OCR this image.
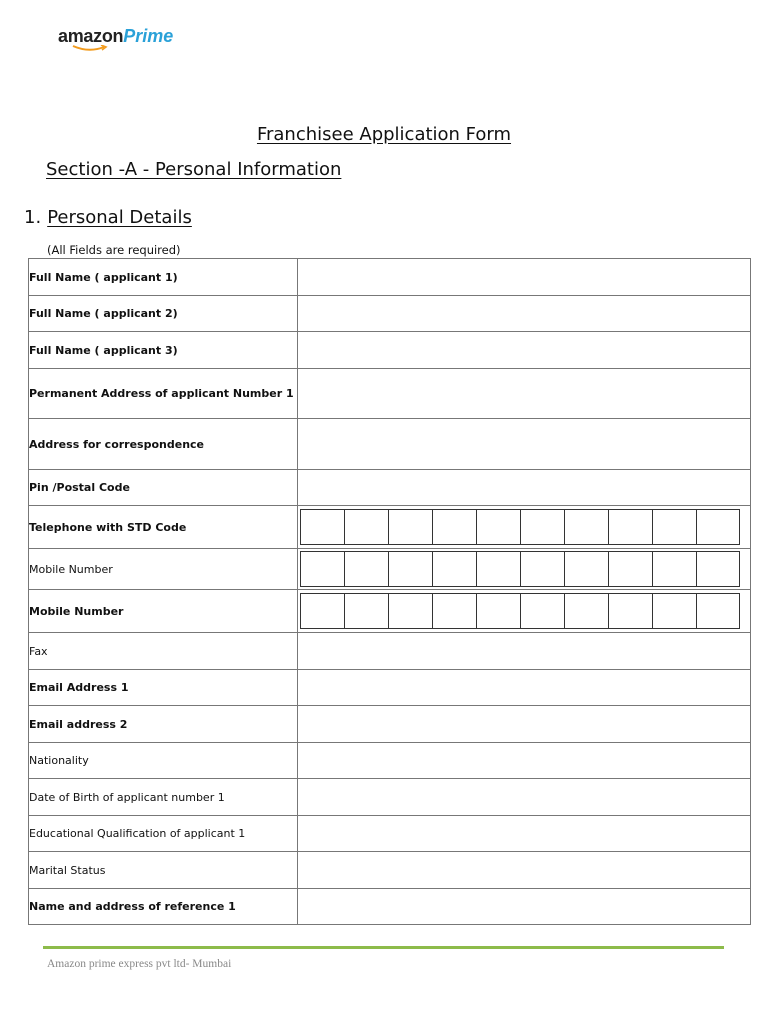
amazonPrime
Franchisee Application Form
Section -A - Personal Information
1. Personal Details
(All Fields are required)
Full Name ( applicant 1)	
Full Name ( applicant 2)	
Full Name ( applicant 3)	
Permanent Address of applicant Number 1	
Address for correspondence	
Pin /Postal Code	
Telephone with STD Code	

Mobile Number	

Mobile Number	

Fax	
Email Address 1	
Email address 2	
Nationality	
Date of Birth of applicant number 1	
Educational Qualification of applicant 1	
Marital Status	
Name and address of reference 1	
Amazon prime express pvt ltd- Mumbai
